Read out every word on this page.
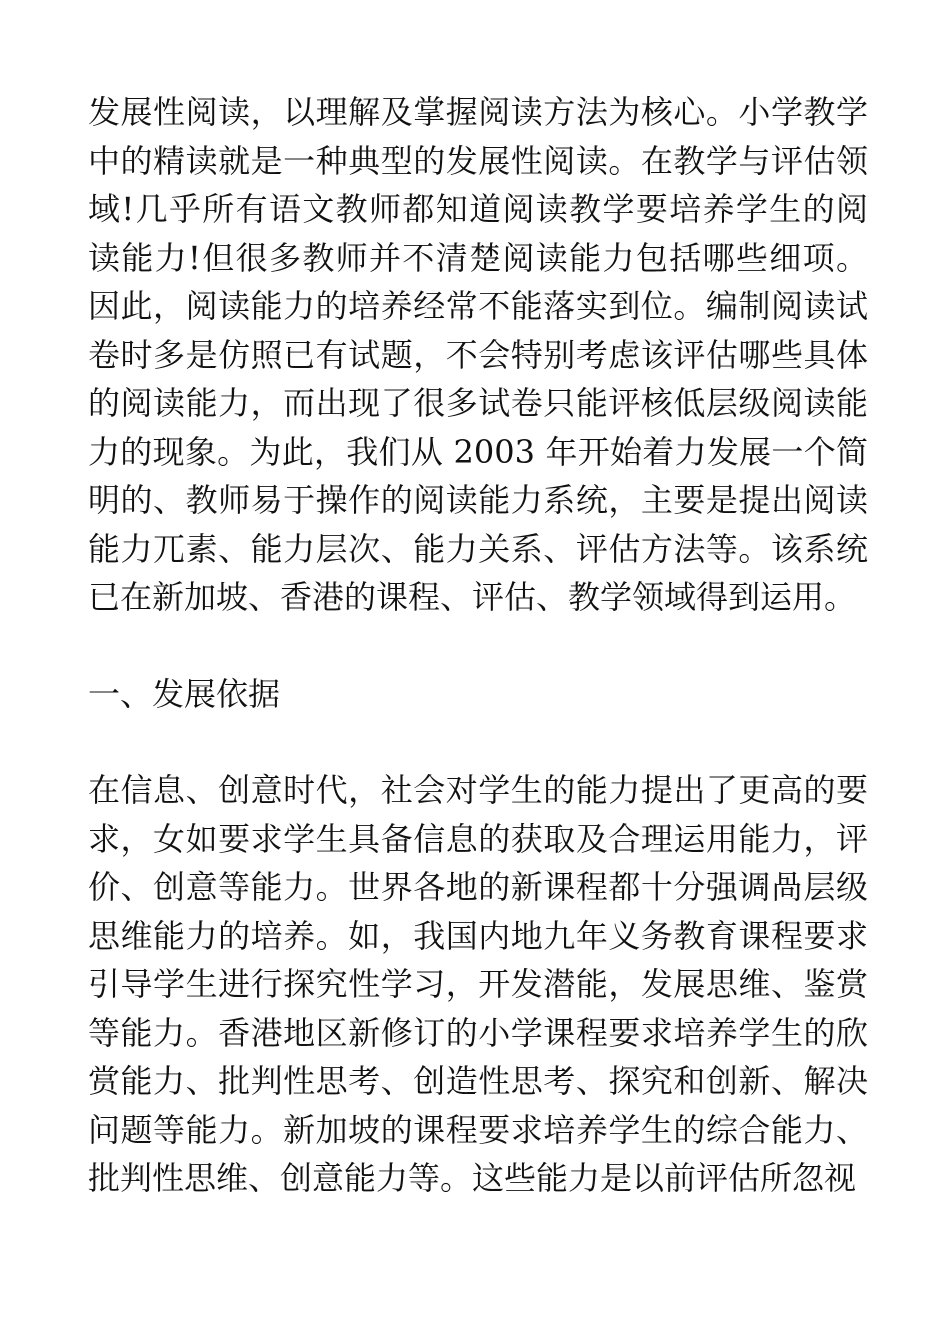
发展性阅读，以理解及掌握阅读方法为核心。小学教学中的精读就是一种典型的发展性阅读。在教学与评估领域!几乎所有语文教师都知道阅读教学要培养学生的阅读能力!但很多教师并不清楚阅读能力包括哪些细项。因此，阅读能力的培养经常不能落实到位。编制阅读试卷时多是仿照已有试题，不会特别考虑该评估哪些具体的阅读能力，而出现了很多试卷只能评核低层级阅读能力的现象。为此，我们从 2003 年开始着力发展一个简明的、教师易于操作的阅读能力系统，主要是提出阅读能力兀素、能力层次、能力关系、评估方法等。该系统已在新加坡、香港的课程、评估、教学领域得到运用。

一、发展依据

在信息、创意时代，社会对学生的能力提出了更高的要求，女如要求学生具备信息的获取及合理运用能力，评价、创意等能力。世界各地的新课程都十分强调咼层级思维能力的培养。如，我国内地九年义务教育课程要求引导学生进行探究性学习，开发潜能，发展思维、鉴赏等能力。香港地区新修订的小学课程要求培养学生的欣赏能力、批判性思考、创造性思考、探究和创新、解决问题等能力。新加坡的课程要求培养学生的综合能力、批判性思维、创意能力等。这些能力是以前评估所忽视
